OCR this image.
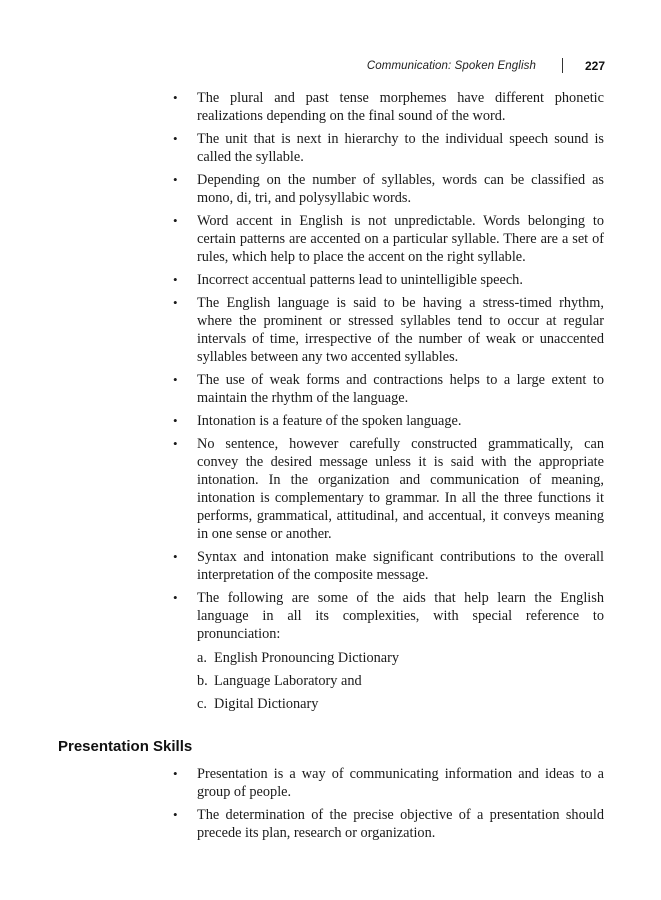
Communication: Spoken English	227
• The plural and past tense morphemes have different phonetic realizations depending on the final sound of the word.
• The unit that is next in hierarchy to the individual speech sound is called the syllable.
• Depending on the number of syllables, words can be classified as mono, di, tri, and polysyllabic words.
• Word accent in English is not unpredictable. Words belonging to certain patterns are accented on a particular syllable. There are a set of rules, which help to place the accent on the right syllable.
• Incorrect accentual patterns lead to unintelligible speech.
• The English language is said to be having a stress-timed rhythm, where the prominent or stressed syllables tend to occur at regular intervals of time, irrespective of the number of weak or unaccented syllables between any two accented syllables.
• The use of weak forms and contractions helps to a large extent to maintain the rhythm of the language.
• Intonation is a feature of the spoken language.
• No sentence, however carefully constructed grammatically, can convey the desired message unless it is said with the appropriate intonation. In the organization and communication of meaning, intonation is complementary to grammar. In all the three functions it performs, grammatical, attitudinal, and accentual, it conveys meaning in one sense or another.
• Syntax and intonation make significant contributions to the overall interpretation of the composite message.
• The following are some of the aids that help learn the English language in all its complexities, with special reference to pronunciation:
a. English Pronouncing Dictionary
b. Language Laboratory and
c. Digital Dictionary
Presentation Skills
• Presentation is a way of communicating information and ideas to a group of people.
• The determination of the precise objective of a presentation should precede its plan, research or organization.
